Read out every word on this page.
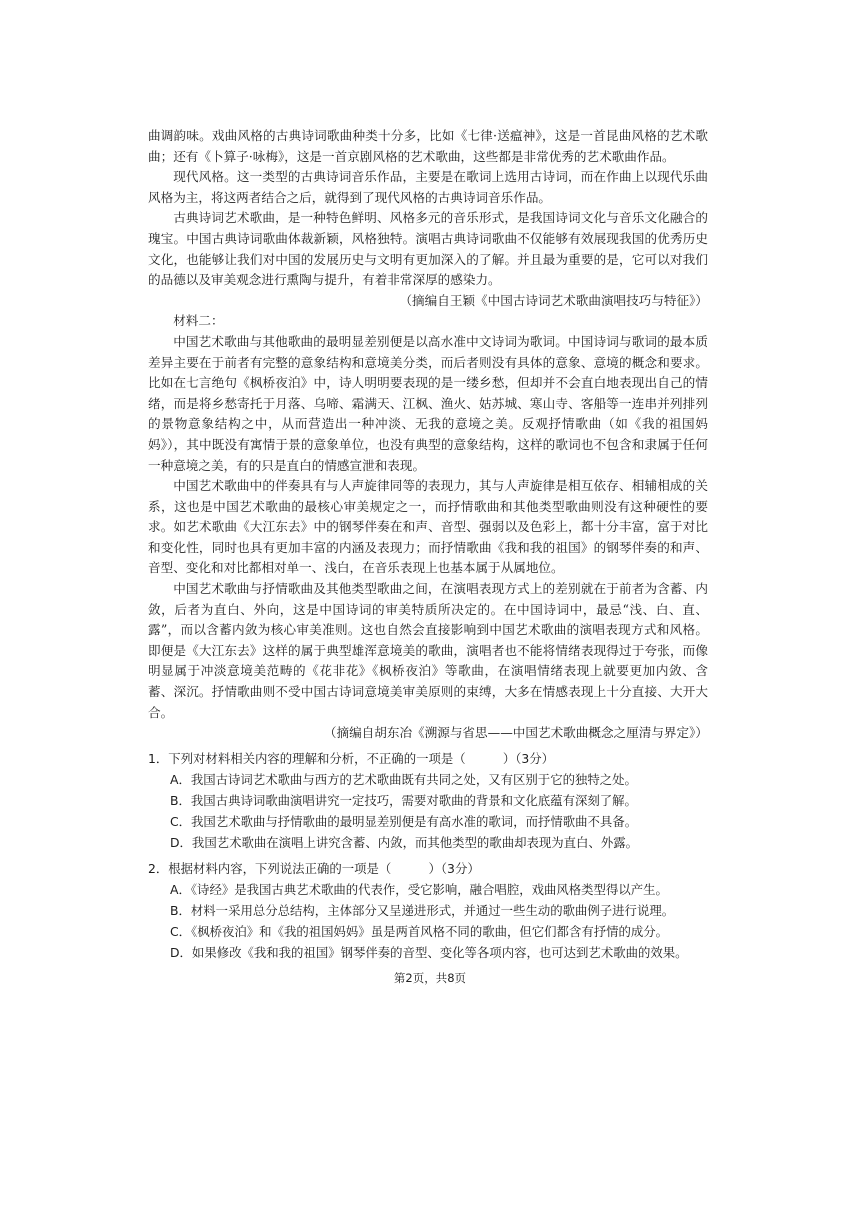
曲调韵味。戏曲风格的古典诗词歌曲种类十分多，比如《七律·送瘟神》，这是一首昆曲风格的艺术歌曲；还有《卜算子·咏梅》，这是一首京剧风格的艺术歌曲，这些都是非常优秀的艺术歌曲作品。

现代风格。这一类型的古典诗词音乐作品，主要是在歌词上选用古诗词，而在作曲上以现代乐曲风格为主，将这两者结合之后，就得到了现代风格的古典诗词音乐作品。

古典诗词艺术歌曲，是一种特色鲜明、风格多元的音乐形式，是我国诗词文化与音乐文化融合的瑰宝。中国古典诗词歌曲体裁新颖，风格独特。演唱古典诗词歌曲不仅能够有效展现我国的优秀历史文化，也能够让我们对中国的发展历史与文明有更加深入的了解。并且最为重要的是，它可以对我们的品德以及审美观念进行熏陶与提升，有着非常深厚的感染力。

（摘编自王颖《中国古诗词艺术歌曲演唱技巧与特征》）

材料二：

中国艺术歌曲与其他歌曲的最明显差别便是以高水准中文诗词为歌词。中国诗词与歌词的最本质差异主要在于前者有完整的意象结构和意境美分类，而后者则没有具体的意象、意境的概念和要求。比如在七言绝句《枫桥夜泊》中，诗人明明要表现的是一缕乡愁，但却并不会直白地表现出自己的情绪，而是将乡愁寄托于月落、乌啼、霜满天、江枫、渔火、姑苏城、寒山寺、客船等一连串并列排列的景物意象结构之中，从而营造出一种冲淡、无我的意境之美。反观抒情歌曲（如《我的祖国妈妈》），其中既没有寓情于景的意象单位，也没有典型的意象结构，这样的歌词也不包含和隶属于任何一种意境之美，有的只是直白的情感宣泄和表现。

中国艺术歌曲中的伴奏具有与人声旋律同等的表现力，其与人声旋律是相互依存、相辅相成的关系，这也是中国艺术歌曲的最核心审美规定之一，而抒情歌曲和其他类型歌曲则没有这种硬性的要求。如艺术歌曲《大江东去》中的钢琴伴奏在和声、音型、强弱以及色彩上，都十分丰富，富于对比和变化性，同时也具有更加丰富的内涵及表现力；而抒情歌曲《我和我的祖国》的钢琴伴奏的和声、音型、变化和对比都相对单一、浅白，在音乐表现上也基本属于从属地位。

中国艺术歌曲与抒情歌曲及其他类型歌曲之间，在演唱表现方式上的差别就在于前者为含蓄、内敛，后者为直白、外向，这是中国诗词的审美特质所决定的。在中国诗词中，最忌“浅、白、直、露”，而以含蓄内敛为核心审美准则。这也自然会直接影响到中国艺术歌曲的演唱表现方式和风格。即便是《大江东去》这样的属于典型雄浑意境美的歌曲，演唱者也不能将情绪表现得过于夸张，而像明显属于冲淡意境美范畴的《花非花》《枫桥夜泊》等歌曲，在演唱情绪表现上就要更加内敛、含蓄、深沉。抒情歌曲则不受中国古诗词意境美审美原则的束缚，大多在情感表现上十分直接、大开大合。

（摘编自胡东冶《溯源与省思——中国艺术歌曲概念之厘清与界定》）

1．下列对材料相关内容的理解和分析，不正确的一项是（　　　）（3分）

A．我国古诗词艺术歌曲与西方的艺术歌曲既有共同之处，又有区别于它的独特之处。

B．我国古典诗词歌曲演唱讲究一定技巧，需要对歌曲的背景和文化底蕴有深刻了解。

C．我国艺术歌曲与抒情歌曲的最明显差别便是有高水准的歌词，而抒情歌曲不具备。

D．我国艺术歌曲在演唱上讲究含蓄、内敛，而其他类型的歌曲却表现为直白、外露。

2．根据材料内容，下列说法正确的一项是（　　　）（3分）

A．《诗经》是我国古典艺术歌曲的代表作，受它影响，融合唱腔，戏曲风格类型得以产生。

B．材料一采用总分总结构，主体部分又呈递进形式，并通过一些生动的歌曲例子进行说理。

C．《枫桥夜泊》和《我的祖国妈妈》虽是两首风格不同的歌曲，但它们都含有抒情的成分。

D．如果修改《我和我的祖国》钢琴伴奏的音型、变化等各项内容，也可达到艺术歌曲的效果。

第2页，共8页
